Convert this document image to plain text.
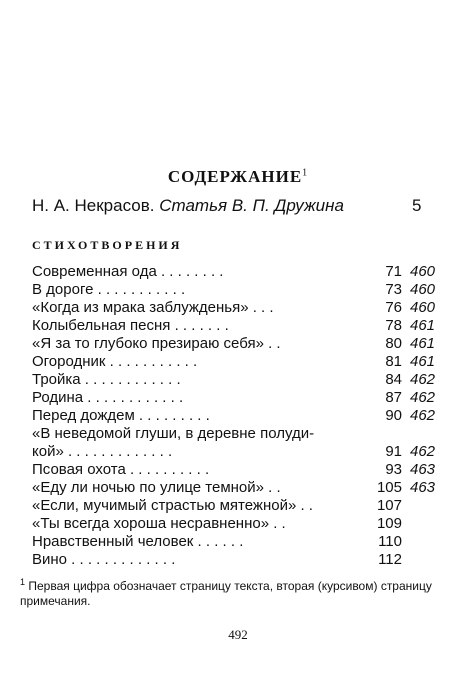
СОДЕРЖАНИЕ$^1$
Н. А. Некрасов. Статья В. П. Дружина	5
СТИХОТВОРЕНИЯ
Современная ода . . . . . . . .	71 460
В дороге . . . . . . . . . . .	73 460
«Когда из мрака заблужденья» . . .	76 460
Колыбельная песня . . . . . . .	78 461
«Я за то глубоко презираю себя» . .	80 461
Огородник . . . . . . . . . . .	81 461
Тройка . . . . . . . . . . . .	84 462
Родина . . . . . . . . . . . .	87 462
Перед дождем . . . . . . . . .	90 462
«В неведомой глуши, в деревне полуди-
кой» . . . . . . . . . . . . .	91 462
Псовая охота . . . . . . . . . .	93 463
«Еду ли ночью по улице темной» . .	105 463
«Если, мучимый страстью мятежной» . .	107
«Ты всегда хороша несравненно» . .	109
Нравственный человек . . . . . .	110
Вино . . . . . . . . . . . . .	112
$^1$ Первая цифра обозначает страницу текста, вторая (курсивом) страницу примечания.
492
